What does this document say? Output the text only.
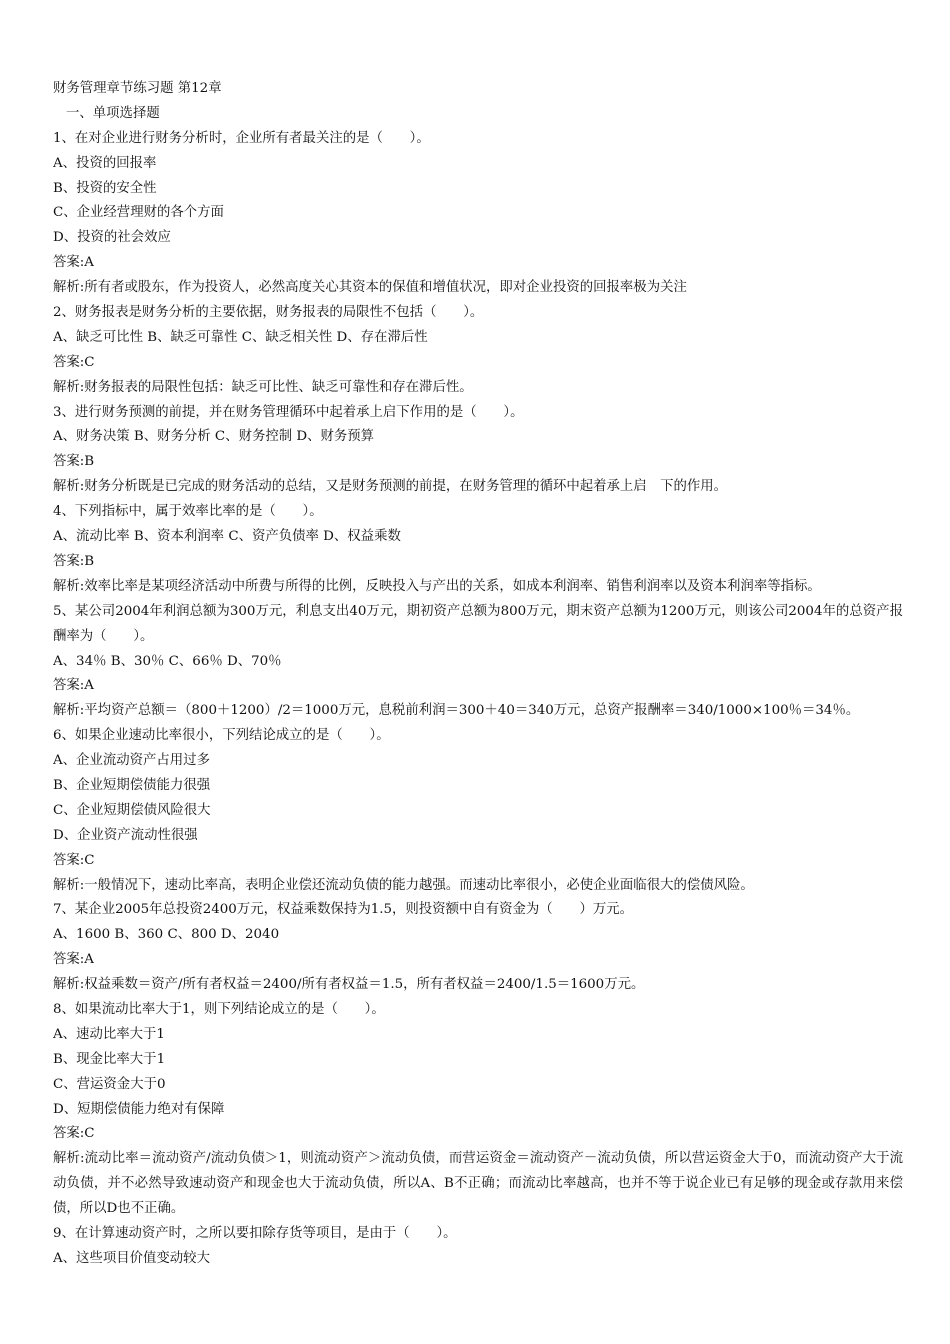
财务管理章节练习题 第12章
一、单项选择题
1、在对企业进行财务分析时，企业所有者最关注的是（　　）。
A、投资的回报率
B、投资的安全性
C、企业经营理财的各个方面
D、投资的社会效应
答案:A
解析:所有者或股东，作为投资人，必然高度关心其资本的保值和增值状况，即对企业投资的回报率极为关注
2、财务报表是财务分析的主要依据，财务报表的局限性不包括（　　）。
A、缺乏可比性 B、缺乏可靠性 C、缺乏相关性 D、存在滞后性
答案:C
解析:财务报表的局限性包括：缺乏可比性、缺乏可靠性和存在滞后性。
3、进行财务预测的前提，并在财务管理循环中起着承上启下作用的是（　　）。
A、财务决策 B、财务分析 C、财务控制 D、财务预算
答案:B
解析:财务分析既是已完成的财务活动的总结，又是财务预测的前提，在财务管理的循环中起着承上启　下的作用。
4、下列指标中，属于效率比率的是（　　）。
A、流动比率 B、资本利润率 C、资产负债率 D、权益乘数
答案:B
解析:效率比率是某项经济活动中所费与所得的比例，反映投入与产出的关系，如成本利润率、销售利润率以及资本利润率等指标。
5、某公司2004年利润总额为300万元，利息支出40万元，期初资产总额为800万元，期末资产总额为1200万元，则该公司2004年的总资产报酬率为（　　）。
A、34％ B、30％ C、66％ D、70％
答案:A
解析:平均资产总额＝（800＋1200）/2＝1000万元，息税前利润＝300＋40＝340万元，总资产报酬率＝340/1000×100％＝34％。
6、如果企业速动比率很小，下列结论成立的是（　　）。
A、企业流动资产占用过多
B、企业短期偿债能力很强
C、企业短期偿债风险很大
D、企业资产流动性很强
答案:C
解析:一般情况下，速动比率高，表明企业偿还流动负债的能力越强。而速动比率很小，必使企业面临很大的偿债风险。
7、某企业2005年总投资2400万元，权益乘数保持为1.5，则投资额中自有资金为（　　）万元。
A、1600 B、360 C、800 D、2040
答案:A
解析:权益乘数＝资产/所有者权益＝2400/所有者权益＝1.5，所有者权益＝2400/1.5＝1600万元。
8、如果流动比率大于1，则下列结论成立的是（　　）。
A、速动比率大于1
B、现金比率大于1
C、营运资金大于0
D、短期偿债能力绝对有保障
答案:C
解析:流动比率＝流动资产/流动负债＞1，则流动资产＞流动负债，而营运资金＝流动资产－流动负债，所以营运资金大于0，而流动资产大于流动负债，并不必然导致速动资产和现金也大于流动负债，所以A、B不正确；而流动比率越高，也并不等于说企业已有足够的现金或存款用来偿债，所以D也不正确。
9、在计算速动资产时，之所以要扣除存货等项目，是由于（　　）。
A、这些项目价值变动较大
